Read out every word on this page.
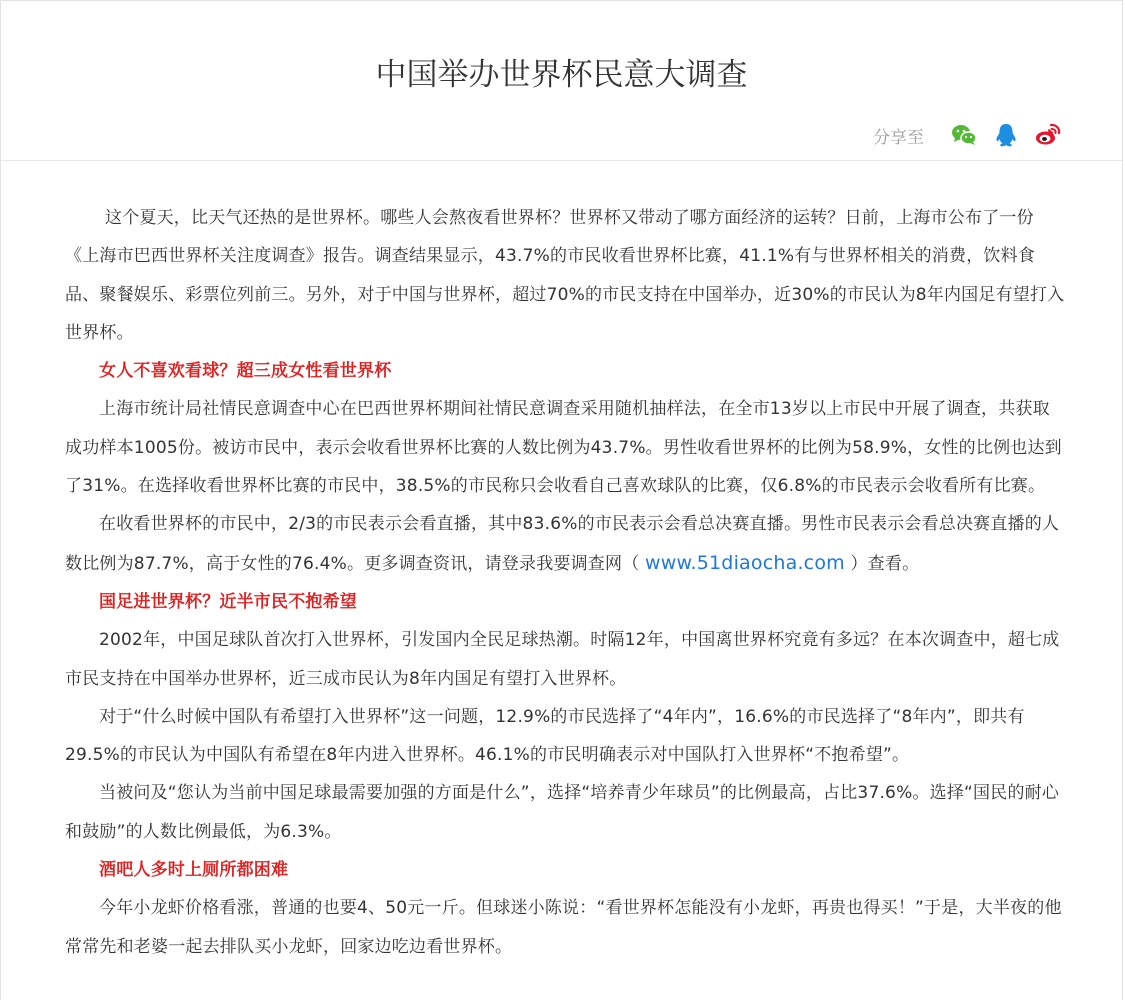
中国举办世界杯民意大调查
分享至

这个夏天，比天气还热的是世界杯。哪些人会熬夜看世界杯？世界杯又带动了哪方面经济的运转？日前，上海市公布了一份《上海市巴西世界杯关注度调查》报告。调查结果显示，43.7%的市民收看世界杯比赛，41.1%有与世界杯相关的消费，饮料食品、聚餐娱乐、彩票位列前三。另外，对于中国与世界杯，超过70%的市民支持在中国举办，近30%的市民认为8年内国足有望打入世界杯。

女人不喜欢看球？超三成女性看世界杯

上海市统计局社情民意调查中心在巴西世界杯期间社情民意调查采用随机抽样法，在全市13岁以上市民中开展了调查，共获取成功样本1005份。被访市民中，表示会收看世界杯比赛的人数比例为43.7%。男性收看世界杯的比例为58.9%，女性的比例也达到了31%。在选择收看世界杯比赛的市民中，38.5%的市民称只会收看自己喜欢球队的比赛，仅6.8%的市民表示会收看所有比赛。

在收看世界杯的市民中，2/3的市民表示会看直播，其中83.6%的市民表示会看总决赛直播。男性市民表示会看总决赛直播的人数比例为87.7%，高于女性的76.4%。更多调查资讯，请登录我要调查网（ www.51diaocha.com ）查看。

国足进世界杯？近半市民不抱希望

2002年，中国足球队首次打入世界杯，引发国内全民足球热潮。时隔12年，中国离世界杯究竟有多远？在本次调查中，超七成市民支持在中国举办世界杯，近三成市民认为8年内国足有望打入世界杯。

对于“什么时候中国队有希望打入世界杯”这一问题，12.9%的市民选择了“4年内”，16.6%的市民选择了“8年内”，即共有29.5%的市民认为中国队有希望在8年内进入世界杯。46.1%的市民明确表示对中国队打入世界杯“不抱希望”。

当被问及“您认为当前中国足球最需要加强的方面是什么”，选择“培养青少年球员”的比例最高，占比37.6%。选择“国民的耐心和鼓励”的人数比例最低，为6.3%。

酒吧人多时上厕所都困难

今年小龙虾价格看涨，普通的也要4、50元一斤。但球迷小陈说：“看世界杯怎能没有小龙虾，再贵也得买！”于是，大半夜的他常常先和老婆一起去排队买小龙虾，回家边吃边看世界杯。
